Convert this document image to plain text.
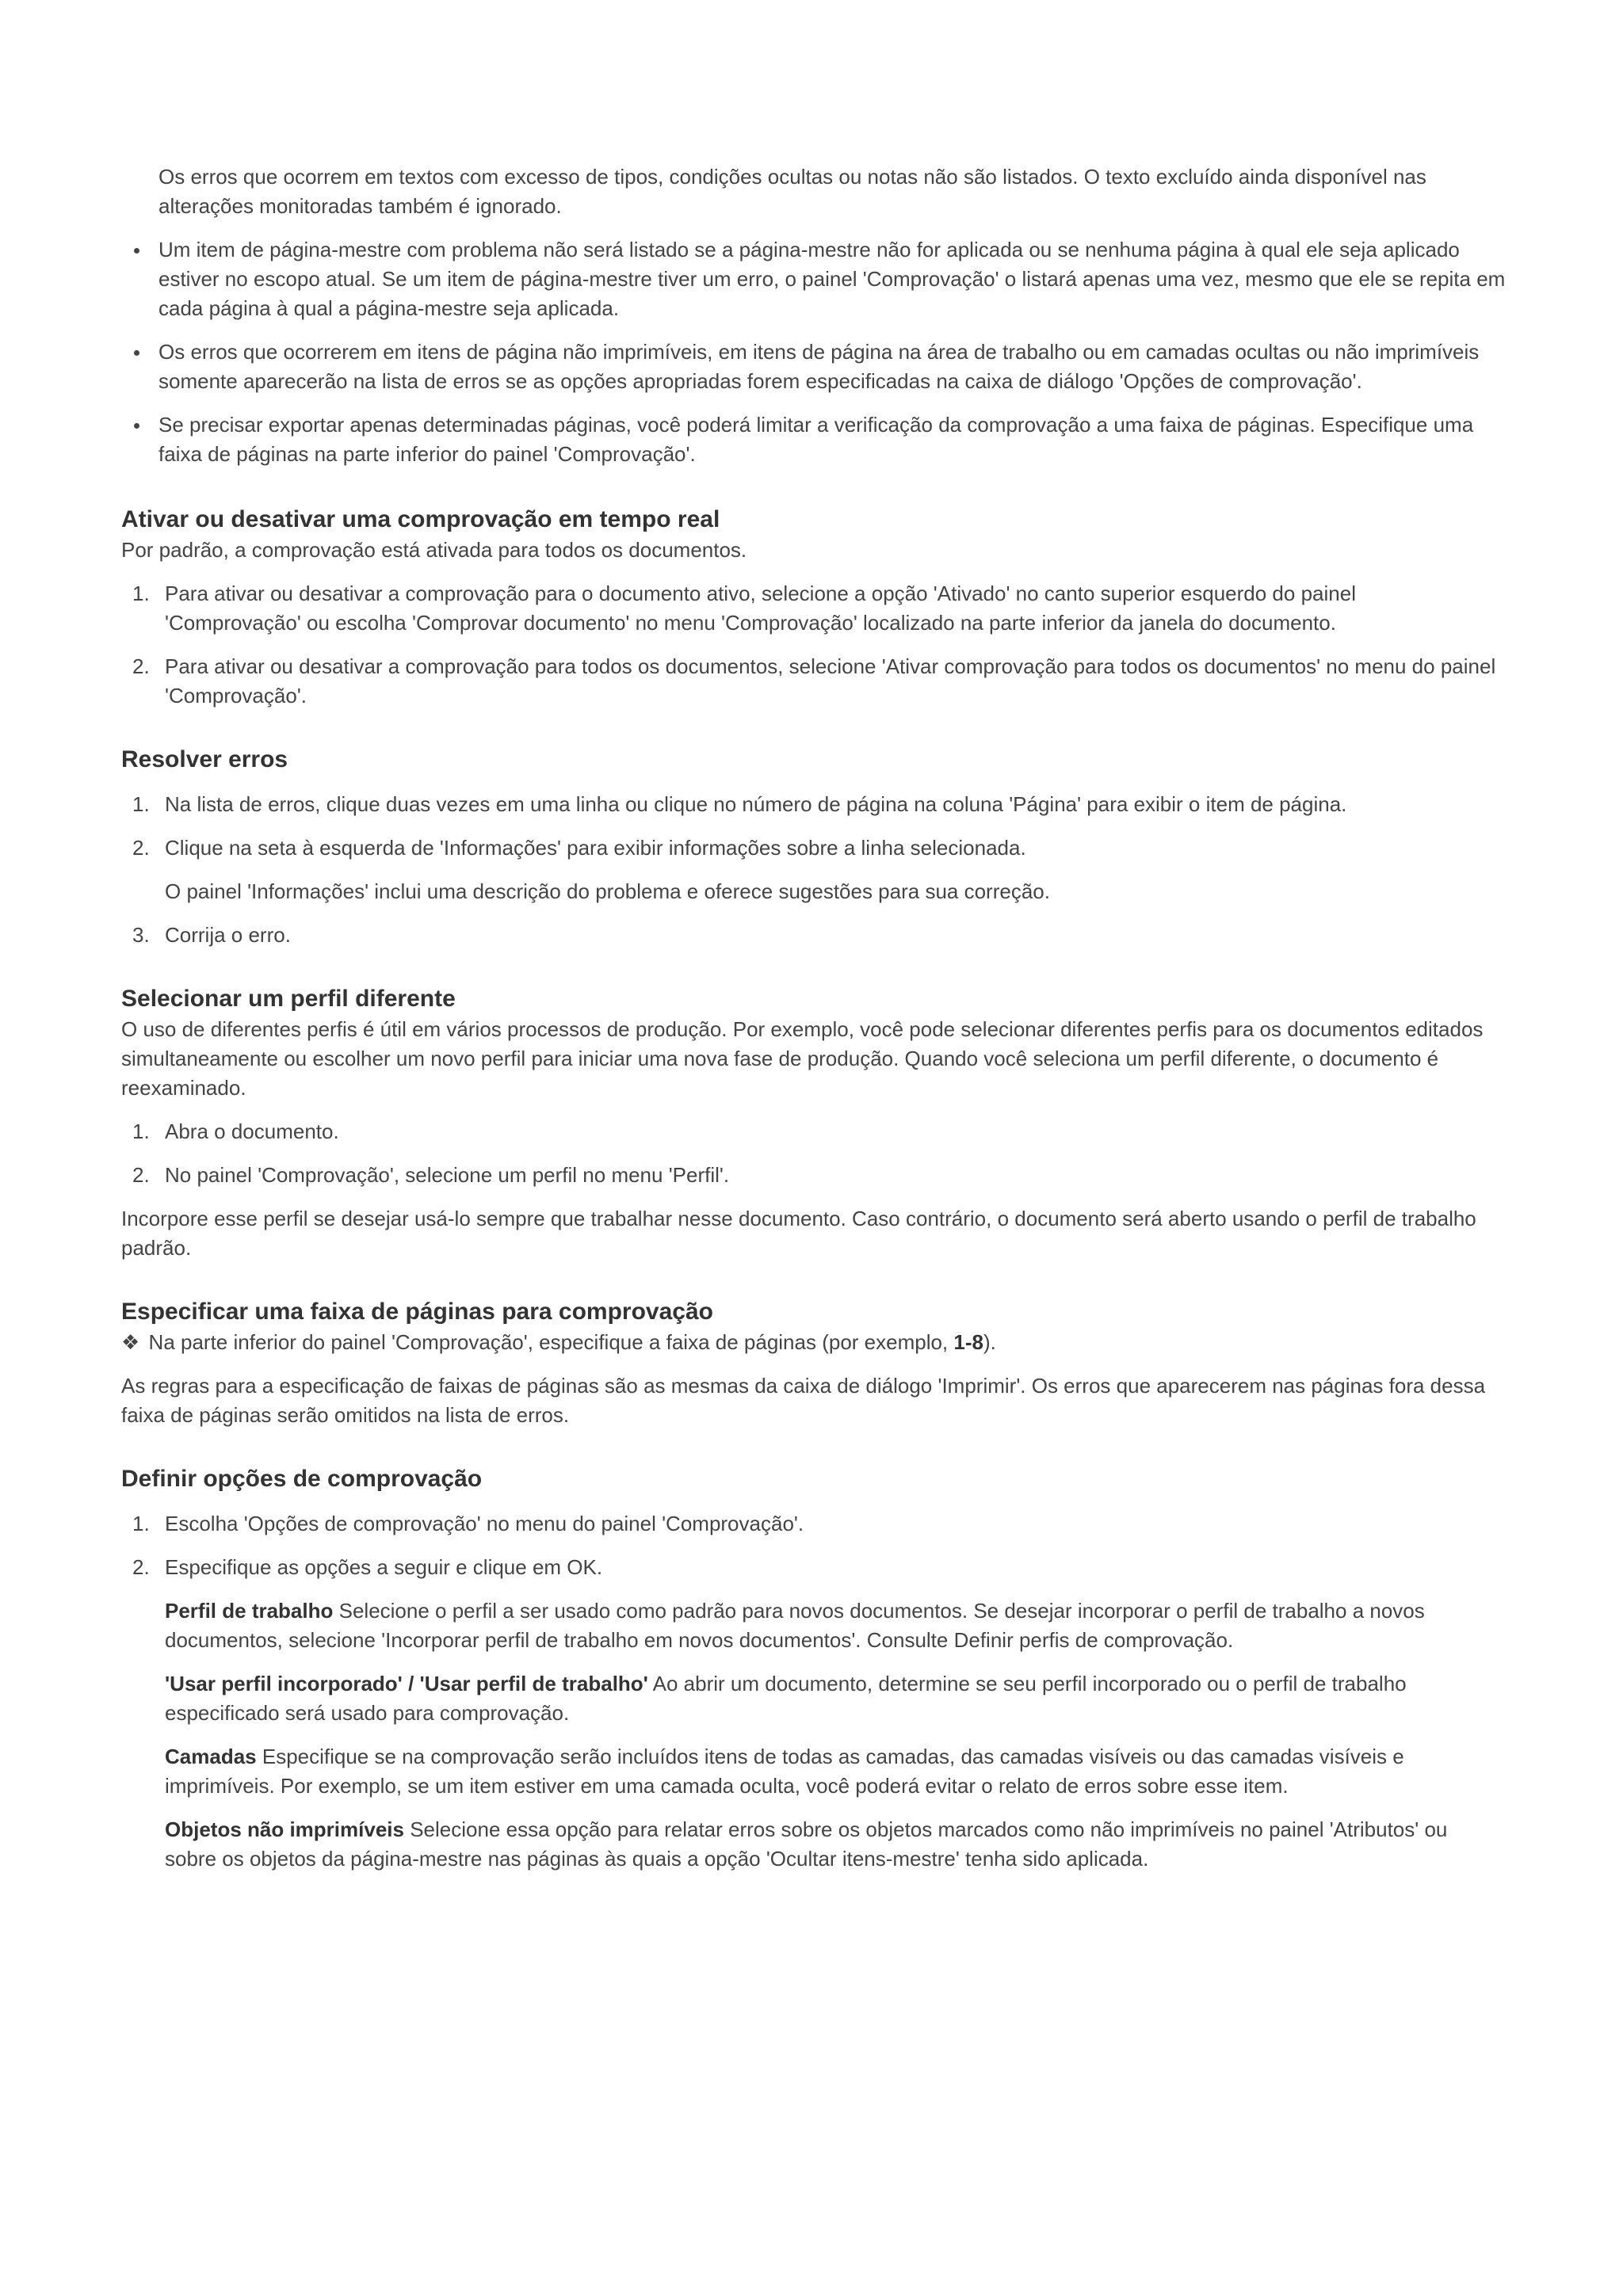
Os erros que ocorrem em textos com excesso de tipos, condições ocultas ou notas não são listados. O texto excluído ainda disponível nas alterações monitoradas também é ignorado.

Um item de página-mestre com problema não será listado se a página-mestre não for aplicada ou se nenhuma página à qual ele seja aplicado estiver no escopo atual. Se um item de página-mestre tiver um erro, o painel 'Comprovação' o listará apenas uma vez, mesmo que ele se repita em cada página à qual a página-mestre seja aplicada.
Os erros que ocorrerem em itens de página não imprimíveis, em itens de página na área de trabalho ou em camadas ocultas ou não imprimíveis somente aparecerão na lista de erros se as opções apropriadas forem especificadas na caixa de diálogo 'Opções de comprovação'.
Se precisar exportar apenas determinadas páginas, você poderá limitar a verificação da comprovação a uma faixa de páginas. Especifique uma faixa de páginas na parte inferior do painel 'Comprovação'.
Ativar ou desativar uma comprovação em tempo real

Por padrão, a comprovação está ativada para todos os documentos.

1. Para ativar ou desativar a comprovação para o documento ativo, selecione a opção 'Ativado' no canto superior esquerdo do painel 'Comprovação' ou escolha 'Comprovar documento' no menu 'Comprovação' localizado na parte inferior da janela do documento.
2. Para ativar ou desativar a comprovação para todos os documentos, selecione 'Ativar comprovação para todos os documentos' no menu do painel 'Comprovação'.
Resolver erros
1. Na lista de erros, clique duas vezes em uma linha ou clique no número de página na coluna 'Página' para exibir o item de página.
2. Clique na seta à esquerda de 'Informações' para exibir informações sobre a linha selecionada.

O painel 'Informações' inclui uma descrição do problema e oferece sugestões para sua correção.

3. Corrija o erro.
Selecionar um perfil diferente

O uso de diferentes perfis é útil em vários processos de produção. Por exemplo, você pode selecionar diferentes perfis para os documentos editados simultaneamente ou escolher um novo perfil para iniciar uma nova fase de produção. Quando você seleciona um perfil diferente, o documento é reexaminado.

1. Abra o documento.
2. No painel 'Comprovação', selecione um perfil no menu 'Perfil'.

Incorpore esse perfil se desejar usá-lo sempre que trabalhar nesse documento. Caso contrário, o documento será aberto usando o perfil de trabalho padrão.

Especificar uma faixa de páginas para comprovação

❖ Na parte inferior do painel 'Comprovação', especifique a faixa de páginas (por exemplo, 1-8).

As regras para a especificação de faixas de páginas são as mesmas da caixa de diálogo 'Imprimir'. Os erros que aparecerem nas páginas fora dessa faixa de páginas serão omitidos na lista de erros.

Definir opções de comprovação
1. Escolha 'Opções de comprovação' no menu do painel 'Comprovação'.
2. Especifique as opções a seguir e clique em OK.

Perfil de trabalho Selecione o perfil a ser usado como padrão para novos documentos. Se desejar incorporar o perfil de trabalho a novos documentos, selecione 'Incorporar perfil de trabalho em novos documentos'. Consulte Definir perfis de comprovação.

'Usar perfil incorporado' / 'Usar perfil de trabalho' Ao abrir um documento, determine se seu perfil incorporado ou o perfil de trabalho especificado será usado para comprovação.

Camadas Especifique se na comprovação serão incluídos itens de todas as camadas, das camadas visíveis ou das camadas visíveis e imprimíveis. Por exemplo, se um item estiver em uma camada oculta, você poderá evitar o relato de erros sobre esse item.

Objetos não imprimíveis Selecione essa opção para relatar erros sobre os objetos marcados como não imprimíveis no painel 'Atributos' ou sobre os objetos da página-mestre nas páginas às quais a opção 'Ocultar itens-mestre' tenha sido aplicada.
